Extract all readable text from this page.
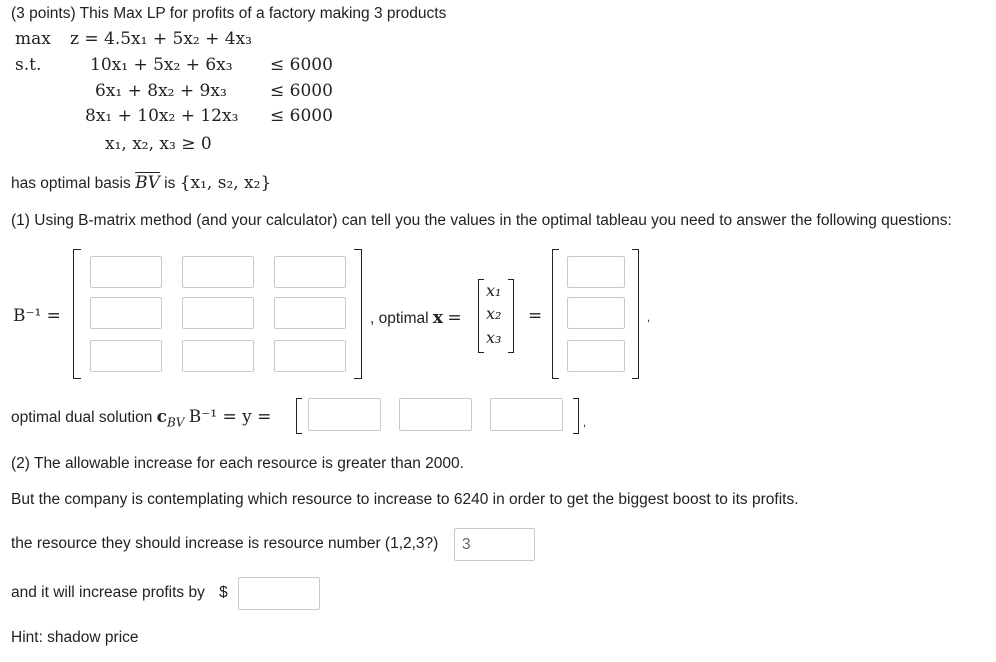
(3 points) This Max LP for profits of a factory making 3 products
max z = 4.5x₁ + 5x₂ + 4x₃
s.t.	10x₁ + 5x₂ + 6x₃ ≤ 6000
6x₁ + 8x₂ + 9x₃	≤ 6000
8x₁ + 10x₂ + 12x₃ ≤ 6000
x₁, x₂, x₃ ≥ 0
has optimal basis $\overline{BV}$ is {x₁, s₂, x₂}
(1) Using B-matrix method (and your calculator) can tell you the values in the optimal tableau you need to answer the following questions:
B⁻¹ =	, optimal x =
x₁
x₂
x₃
=	,
optimal dual solution $c_{BV}$ B⁻¹ = y =	,
(2) The allowable increase for each resource is greater than 2000.
But the company is contemplating which resource to increase to 6240 in order to get the biggest boost to its profits.
the resource they should increase is resource number (1,2,3?)
3
and it will increase profits by $
Hint: shadow price
